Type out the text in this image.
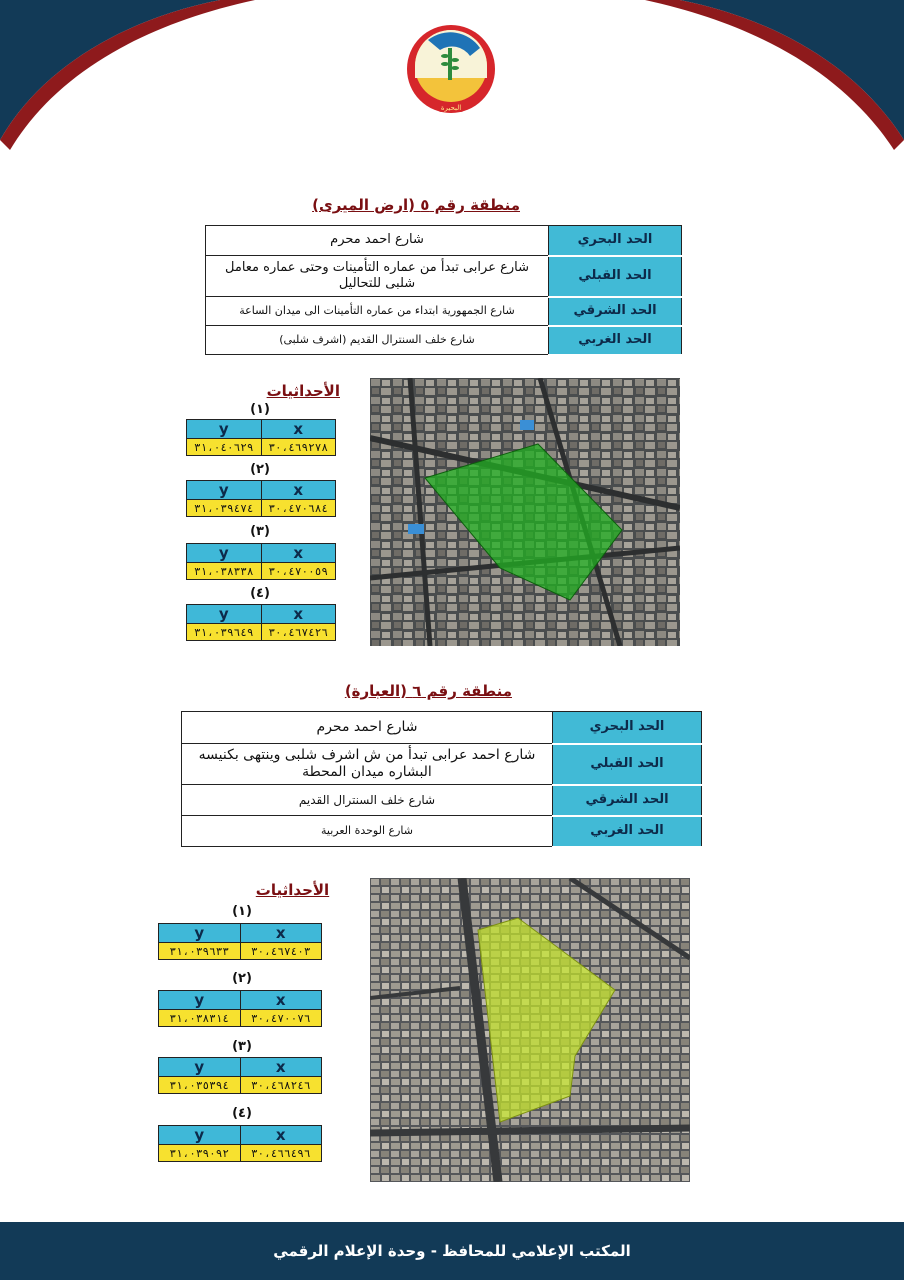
البحيرة
منطقة رقم ٥ (ارض الميرى)
الحد البحري	شارع احمد محرم
الحد القبلي	شارع عرابى تبدأ من عماره التأمينات وحتى عماره معامل شلبى للتحاليل
الحد الشرقي	شارع الجمهورية ابتداء من عماره التأمينات الى ميدان الساعة
الحد الغربي	شارع خلف السنترال القديم (اشرف شلبى)
الأحداثيات
(١)
y	x
٣١،٠٤٠٦٢٩	٣٠،٤٦٩٢٧٨
(٢)
y	x
٣١،٠٣٩٤٧٤	٣٠،٤٧٠٦٨٤
(٣)
y	x
٣١،٠٣٨٣٣٨	٣٠،٤٧٠٠٥٩
(٤)
y	x
٣١،٠٣٩٦٤٩	٣٠،٤٦٧٤٢٦
منطقة رقم ٦ (العبارة)
الحد البحري	شارع احمد محرم
الحد القبلي	شارع احمد عرابى تبدأ من ش اشرف شلبى وينتهى بكنيسه البشاره ميدان المحطة
الحد الشرقي	شارع خلف السنترال القديم
الحد الغربي	شارع الوحدة العربية
الأحداثيات
(١)
y	x
٣١،٠٣٩٦٣٣	٣٠،٤٦٧٤٠٣
(٢)
y	x
٣١،٠٣٨٣١٤	٣٠،٤٧٠٠٧٦
(٣)
y	x
٣١،٠٣٥٣٩٤	٣٠،٤٦٨٢٤٦
(٤)
y	x
٣١،٠٣٩٠٩٢	٣٠،٤٦٦٤٩٦
المكتب الإعلامي للمحافظ - وحدة الإعلام الرقمي
